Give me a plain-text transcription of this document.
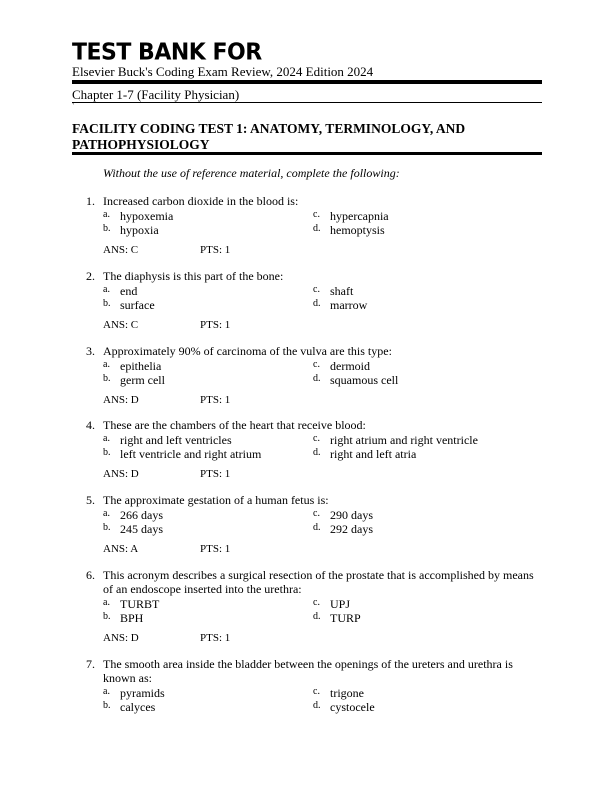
TEST BANK FOR
Elsevier Buck's Coding Exam Review, 2024 Edition 2024
Chapter 1-7 (Facility Physician)
`
FACILITY CODING TEST 1: ANATOMY, TERMINOLOGY, AND PATHOPHYSIOLOGY
Without the use of reference material, complete the following:
1. Increased carbon dioxide in the blood is:
a. hypoxemia	c. hypercapnia
b. hypoxia	d. hemoptysis
ANS: C	PTS: 1
2. The diaphysis is this part of the bone:
a. end	c. shaft
b. surface	d. marrow
ANS: C	PTS: 1
3. Approximately 90% of carcinoma of the vulva are this type:
a. epithelia	c. dermoid
b. germ cell	d. squamous cell
ANS: D	PTS: 1
4. These are the chambers of the heart that receive blood:
a. right and left ventricles	c. right atrium and right ventricle
b. left ventricle and right atrium	d. right and left atria
ANS: D	PTS: 1
5. The approximate gestation of a human fetus is:
a. 266 days	c. 290 days
b. 245 days	d. 292 days
ANS: A	PTS: 1
6. This acronym describes a surgical resection of the prostate that is accomplished by means of an endoscope inserted into the urethra:
a. TURBT	c. UPJ
b. BPH	d. TURP
ANS: D	PTS: 1
7. The smooth area inside the bladder between the openings of the ureters and urethra is known as:
a. pyramids	c. trigone
b. calyces	d. cystocele
